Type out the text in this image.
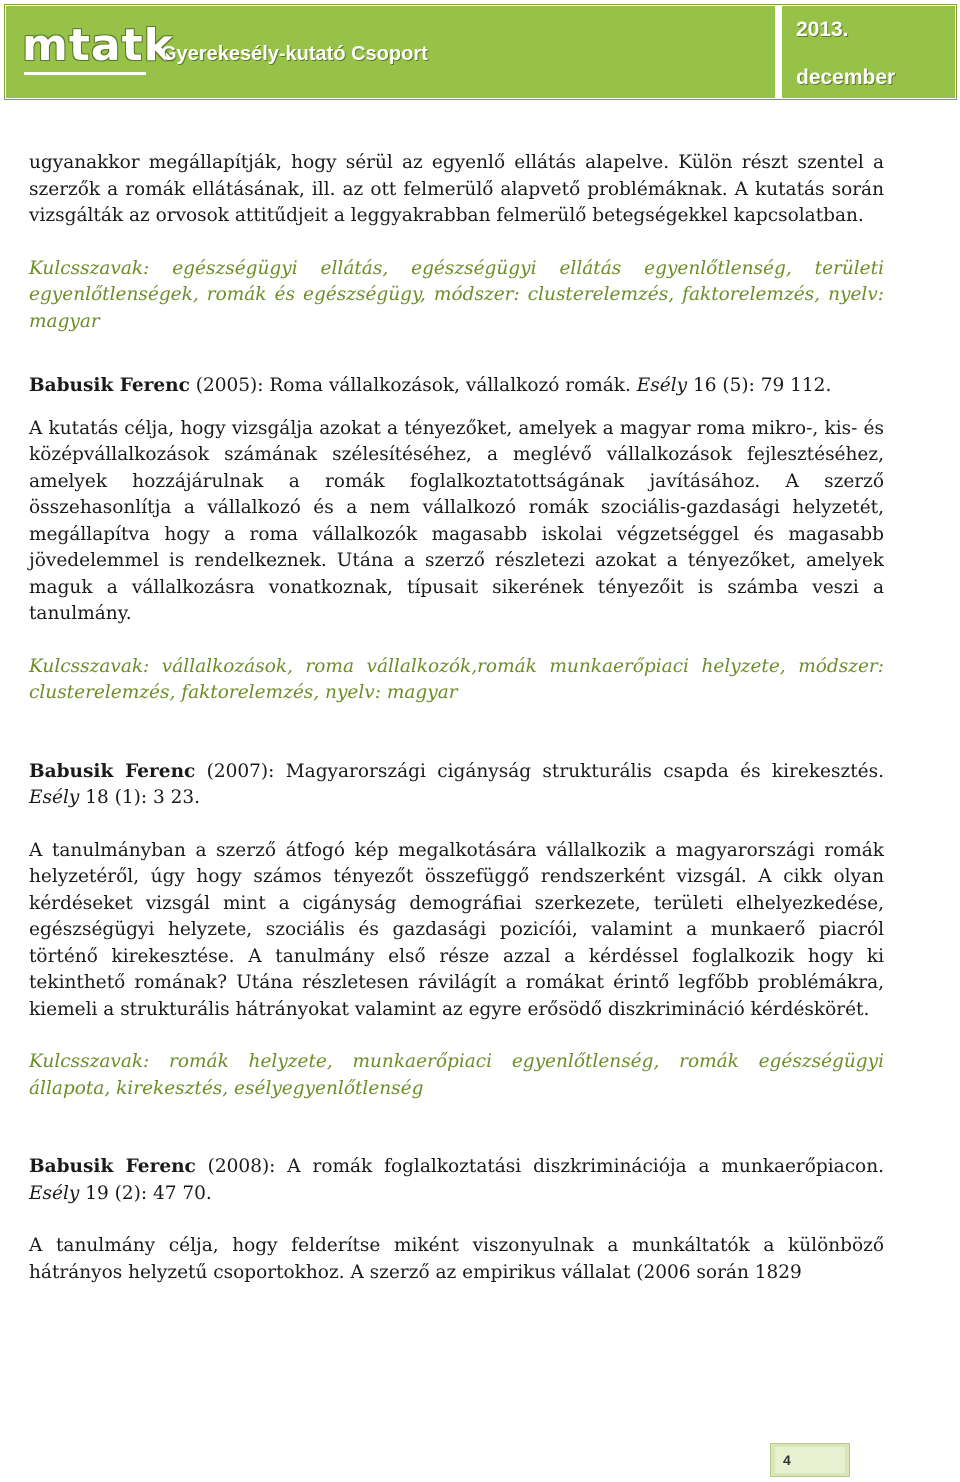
mtatk
Gyerekesély-kutató Csoport
2013.
december

ugyanakkor megállapítják, hogy sérül az egyenlő ellátás alapelve. Külön részt szentel a szerzők a romák ellátásának, ill. az ott felmerülő alapvető problémáknak. A kutatás során vizsgálták az orvosok attitűdjeit a leggyakrabban felmerülő betegségekkel kapcsolatban.

Kulcsszavak: egészségügyi ellátás, egészségügyi ellátás egyenlőtlenség, területi egyenlőtlenségek, romák és egészségügy, módszer: clusterelemzés, faktorelemzés, nyelv: magyar

Babusik Ferenc (2005): Roma vállalkozások, vállalkozó romák. Esély 16 (5): 79 112.

A kutatás célja, hogy vizsgálja azokat a tényezőket, amelyek a magyar roma mikro-, kis- és középvállalkozások számának szélesítéséhez, a meglévő vállalkozások fejlesztéséhez, amelyek hozzájárulnak a romák foglalkoztatottságának javításához. A szerző összehasonlítja a vállalkozó és a nem vállalkozó romák szociális-gazdasági helyzetét, megállapítva hogy a roma vállalkozók magasabb iskolai végzetséggel és magasabb jövedelemmel is rendelkeznek. Utána a szerző részletezi azokat a tényezőket, amelyek maguk a vállalkozásra vonatkoznak, típusait sikerének tényezőit is számba veszi a tanulmány.

Kulcsszavak: vállalkozások, roma vállalkozók,romák munkaerőpiaci helyzete, módszer: clusterelemzés, faktorelemzés, nyelv: magyar

Babusik Ferenc (2007): Magyarországi cigányság strukturális csapda és kirekesztés. Esély 18 (1): 3 23.

A tanulmányban a szerző átfogó kép megalkotására vállalkozik a magyarországi romák helyzetéről, úgy hogy számos tényezőt összefüggő rendszerként vizsgál. A cikk olyan kérdéseket vizsgál mint a cigányság demográfiai szerkezete, területi elhelyezkedése, egészségügyi helyzete, szociális és gazdasági pozicíói, valamint a munkaerő piacról történő kirekesztése. A tanulmány első része azzal a kérdéssel foglalkozik hogy ki tekinthető romának? Utána részletesen rávilágít a romákat érintő legfőbb problémákra, kiemeli a strukturális hátrányokat valamint az egyre erősödő diszkrimináció kérdéskörét.

Kulcsszavak: romák helyzete, munkaerőpiaci egyenlőtlenség, romák egészségügyi állapota, kirekesztés, esélyegyenlőtlenség

Babusik Ferenc (2008): A romák foglalkoztatási diszkriminációja a munkaerőpiacon. Esély 19 (2): 47 70.

A tanulmány célja, hogy felderítse miként viszonyulnak a munkáltatók a különböző hátrányos helyzetű csoportokhoz. A szerző az empirikus vállalat (2006 során 1829

4
